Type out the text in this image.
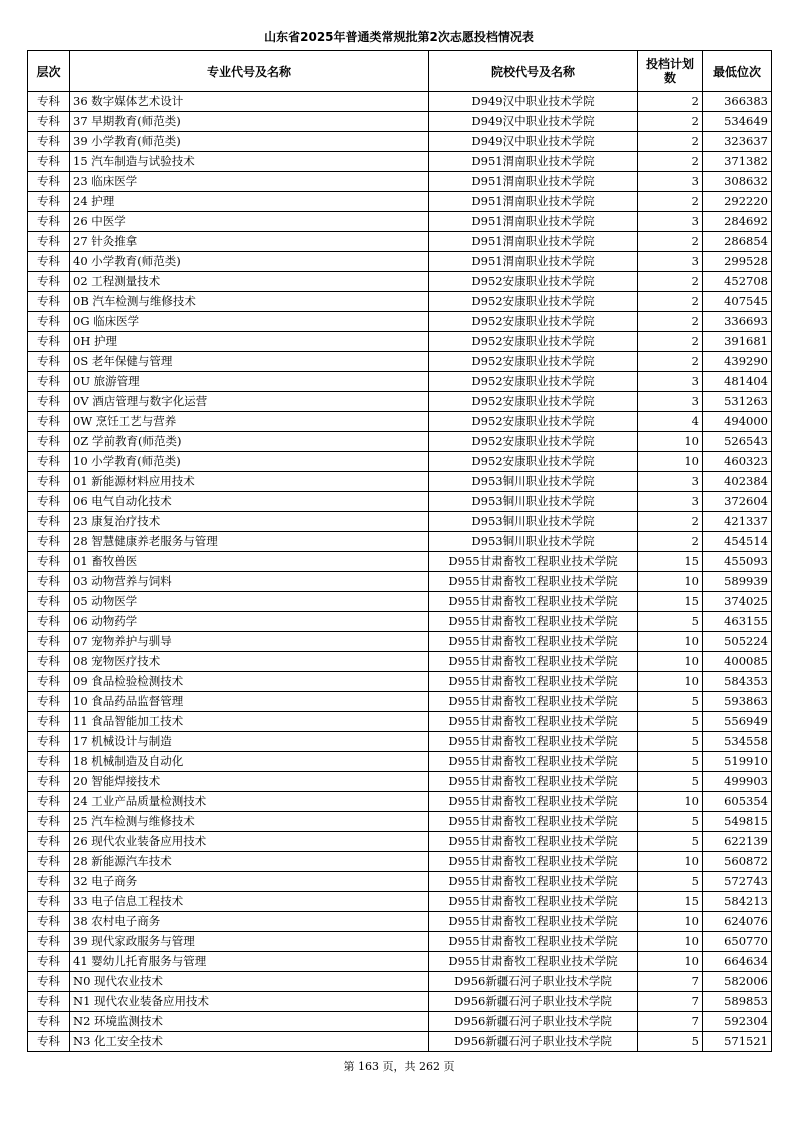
山东省2025年普通类常规批第2次志愿投档情况表
层次	专业代号及名称	院校代号及名称	投档计划数	最低位次
专科	36 数字媒体艺术设计	D949汉中职业技术学院	2	366383
专科	37 早期教育(师范类)	D949汉中职业技术学院	2	534649
专科	39 小学教育(师范类)	D949汉中职业技术学院	2	323637
专科	15 汽车制造与试验技术	D951渭南职业技术学院	2	371382
专科	23 临床医学	D951渭南职业技术学院	3	308632
专科	24 护理	D951渭南职业技术学院	2	292220
专科	26 中医学	D951渭南职业技术学院	3	284692
专科	27 针灸推拿	D951渭南职业技术学院	2	286854
专科	40 小学教育(师范类)	D951渭南职业技术学院	3	299528
专科	02 工程测量技术	D952安康职业技术学院	2	452708
专科	0B 汽车检测与维修技术	D952安康职业技术学院	2	407545
专科	0G 临床医学	D952安康职业技术学院	2	336693
专科	0H 护理	D952安康职业技术学院	2	391681
专科	0S 老年保健与管理	D952安康职业技术学院	2	439290
专科	0U 旅游管理	D952安康职业技术学院	3	481404
专科	0V 酒店管理与数字化运营	D952安康职业技术学院	3	531263
专科	0W 烹饪工艺与营养	D952安康职业技术学院	4	494000
专科	0Z 学前教育(师范类)	D952安康职业技术学院	10	526543
专科	10 小学教育(师范类)	D952安康职业技术学院	10	460323
专科	01 新能源材料应用技术	D953铜川职业技术学院	3	402384
专科	06 电气自动化技术	D953铜川职业技术学院	3	372604
专科	23 康复治疗技术	D953铜川职业技术学院	2	421337
专科	28 智慧健康养老服务与管理	D953铜川职业技术学院	2	454514
专科	01 畜牧兽医	D955甘肃畜牧工程职业技术学院	15	455093
专科	03 动物营养与饲料	D955甘肃畜牧工程职业技术学院	10	589939
专科	05 动物医学	D955甘肃畜牧工程职业技术学院	15	374025
专科	06 动物药学	D955甘肃畜牧工程职业技术学院	5	463155
专科	07 宠物养护与驯导	D955甘肃畜牧工程职业技术学院	10	505224
专科	08 宠物医疗技术	D955甘肃畜牧工程职业技术学院	10	400085
专科	09 食品检验检测技术	D955甘肃畜牧工程职业技术学院	10	584353
专科	10 食品药品监督管理	D955甘肃畜牧工程职业技术学院	5	593863
专科	11 食品智能加工技术	D955甘肃畜牧工程职业技术学院	5	556949
专科	17 机械设计与制造	D955甘肃畜牧工程职业技术学院	5	534558
专科	18 机械制造及自动化	D955甘肃畜牧工程职业技术学院	5	519910
专科	20 智能焊接技术	D955甘肃畜牧工程职业技术学院	5	499903
专科	24 工业产品质量检测技术	D955甘肃畜牧工程职业技术学院	10	605354
专科	25 汽车检测与维修技术	D955甘肃畜牧工程职业技术学院	5	549815
专科	26 现代农业装备应用技术	D955甘肃畜牧工程职业技术学院	5	622139
专科	28 新能源汽车技术	D955甘肃畜牧工程职业技术学院	10	560872
专科	32 电子商务	D955甘肃畜牧工程职业技术学院	5	572743
专科	33 电子信息工程技术	D955甘肃畜牧工程职业技术学院	15	584213
专科	38 农村电子商务	D955甘肃畜牧工程职业技术学院	10	624076
专科	39 现代家政服务与管理	D955甘肃畜牧工程职业技术学院	10	650770
专科	41 婴幼儿托育服务与管理	D955甘肃畜牧工程职业技术学院	10	664634
专科	N0 现代农业技术	D956新疆石河子职业技术学院	7	582006
专科	N1 现代农业装备应用技术	D956新疆石河子职业技术学院	7	589853
专科	N2 环境监测技术	D956新疆石河子职业技术学院	7	592304
专科	N3 化工安全技术	D956新疆石河子职业技术学院	5	571521
第 163 页，共 262 页
